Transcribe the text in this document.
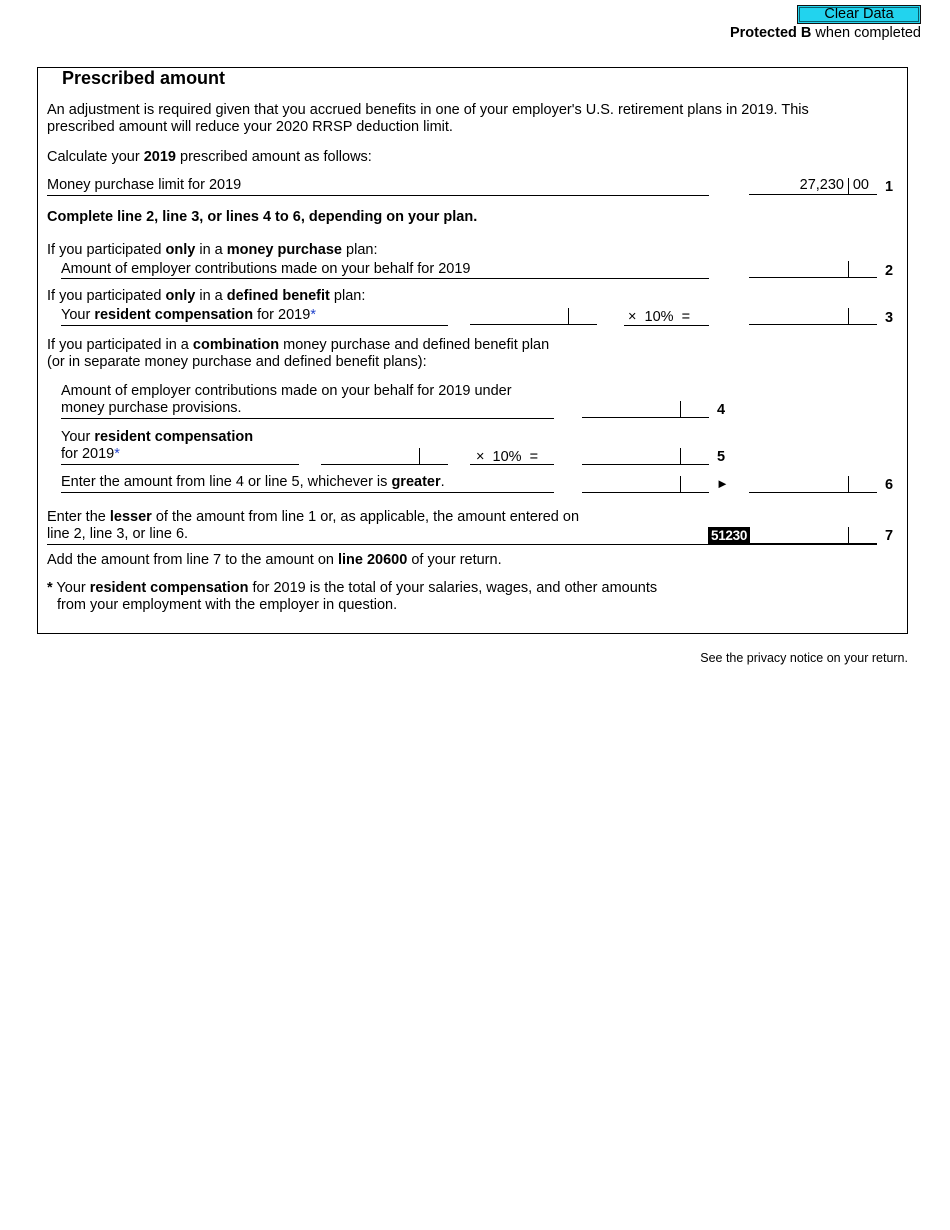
Clear Data
Protected B when completed
Prescribed amount
An adjustment is required given that you accrued benefits in one of your employer's U.S. retirement plans in 2019. This prescribed amount will reduce your 2020 RRSP deduction limit.
Calculate your 2019 prescribed amount as follows:
Money purchase limit for 2019	27,230 00 1
Complete line 2, line 3, or lines 4 to 6, depending on your plan.
If you participated only in a money purchase plan:
Amount of employer contributions made on your behalf for 2019	2
If you participated only in a defined benefit plan:
Your resident compensation for 2019*	× 10% =	3
If you participated in a combination money purchase and defined benefit plan
(or in separate money purchase and defined benefit plans):
Amount of employer contributions made on your behalf for 2019 under
money purchase provisions.	4
Your resident compensation
for 2019*	× 10% =	5
Enter the amount from line 4 or line 5, whichever is greater.	►	6
Enter the lesser of the amount from line 1 or, as applicable, the amount entered on
line 2, line 3, or line 6.	51230	7
Add the amount from line 7 to the amount on line 20600 of your return.
* Your resident compensation for 2019 is the total of your salaries, wages, and other amounts
from your employment with the employer in question.
See the privacy notice on your return.
